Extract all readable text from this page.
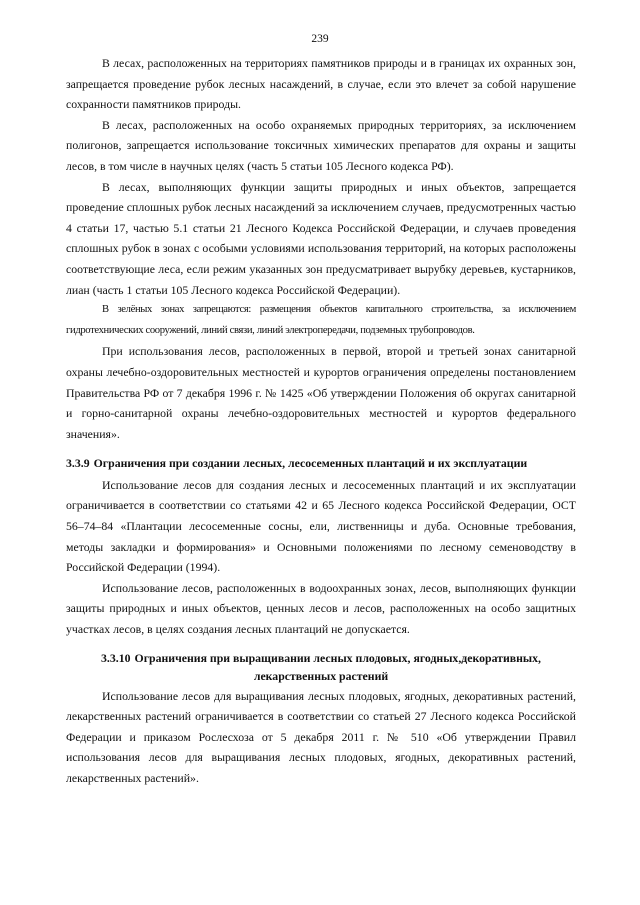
239

В лесах, расположенных на территориях памятников природы и в границах их охранных зон, запрещается проведение рубок лесных насаждений, в случае, если это влечет за собой нарушение сохранности памятников природы.

В лесах, расположенных на особо охраняемых природных территориях, за исключением полигонов, запрещается использование токсичных химических препаратов для охраны и защиты лесов, в том числе в научных целях (часть 5 статьи 105 Лесного кодекса РФ).

В лесах, выполняющих функции защиты природных и иных объектов, запрещается проведение сплошных рубок лесных насаждений за исключением случаев, предусмотренных частью 4 статьи 17, частью 5.1 статьи 21 Лесного Кодекса Российской Федерации, и случаев проведения сплошных рубок в зонах с особыми условиями использования территорий, на которых расположены соответствующие леса, если режим указанных зон предусматривает вырубку деревьев, кустарников, лиан (часть 1 статьи 105 Лесного кодекса Российской Федерации).

В зелёных зонах запрещаются: размещения объектов капитального строительства, за исключением гидротехнических сооружений, линий связи, линий электропередачи, подземных трубопроводов.

При использования лесов, расположенных в первой, второй и третьей зонах санитарной охраны лечебно-оздоровительных местностей и курортов ограничения определены постановлением Правительства РФ от 7 декабря 1996 г. № 1425 «Об утверждении Положения об округах санитарной и горно-санитарной охраны лечебно-оздоровительных местностей и курортов федерального значения».

3.3.9 Ограничения при создании лесных, лесосеменных плантаций и их эксплуатации

Использование лесов для создания лесных и лесосеменных плантаций и их эксплуатации ограничивается в соответствии со статьями 42 и 65 Лесного кодекса Российской Федерации, ОСТ 56–74–84 «Плантации лесосеменные сосны, ели, лиственницы и дуба. Основные требования, методы закладки и формирования» и Основными положениями по лесному семеноводству в Российской Федерации (1994).

Использование лесов, расположенных в водоохранных зонах, лесов, выполняющих функции защиты природных и иных объектов, ценных лесов и лесов, расположенных на особо защитных участках лесов, в целях создания лесных плантаций не допускается.

3.3.10 Ограничения при выращивании лесных плодовых, ягодных,декоративных, лекарственных растений

Использование лесов для выращивания лесных плодовых, ягодных, декоративных растений, лекарственных растений ограничивается в соответствии со статьей 27 Лесного кодекса Российской Федерации и приказом Рослесхоза от 5 декабря 2011 г. № 510 «Об утверждении Правил использования лесов для выращивания лесных плодовых, ягодных, декоративных растений, лекарственных растений».
